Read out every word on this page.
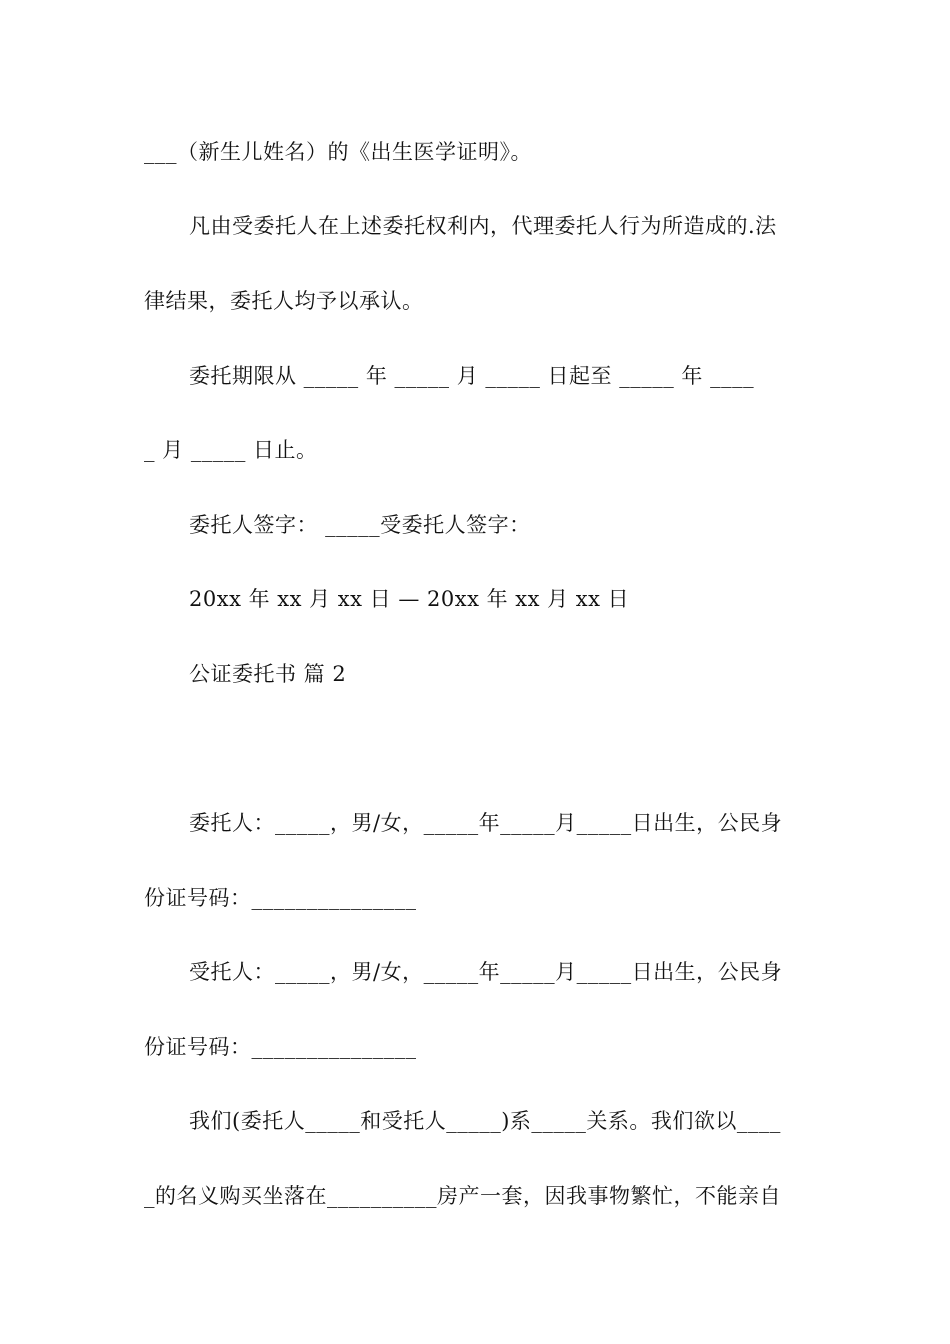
___（新生儿姓名）的《出生医学证明》。
凡由受委托人在上述委托权利内，代理委托人行为所造成的.法
律结果，委托人均予以承认。
委托期限从 _____ 年 _____ 月 _____ 日起至 _____ 年 ____
_ 月 _____ 日止。
委托人签字： _____受委托人签字：
20xx 年 xx 月 xx 日 — 20xx 年 xx 月 xx 日
公证委托书 篇 2
委托人：_____，男/女，_____年_____月_____日出生，公民身
份证号码：_______________
受托人：_____，男/女，_____年_____月_____日出生，公民身
份证号码：_______________
我们(委托人_____和受托人_____)系_____关系。我们欲以____
_的名义购买坐落在__________房产一套，因我事物繁忙，不能亲自
